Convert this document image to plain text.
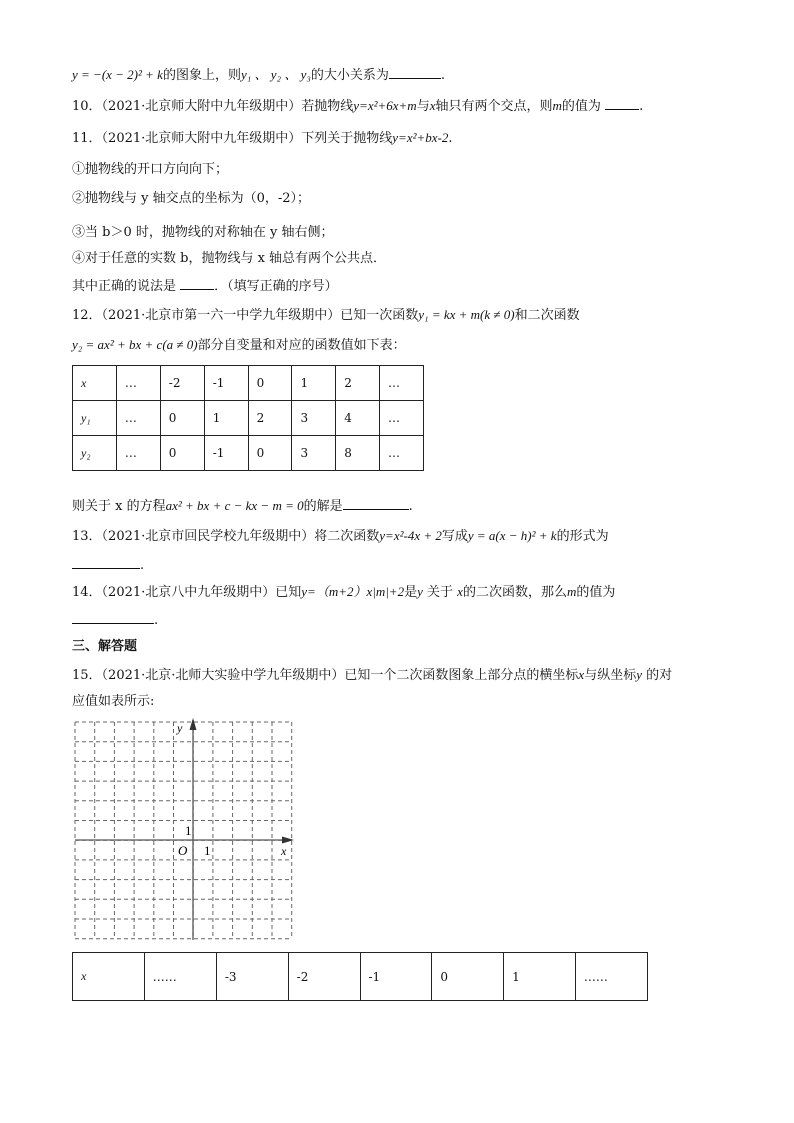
y = −(x − 2)² + k的图象上，则y₁ 、 y₂ 、 y₃的大小关系为	.
10．（2021·北京师大附中九年级期中）若抛物线y=x²+6x+m与x轴只有两个交点，则m的值为	.
11．（2021·北京师大附中九年级期中）下列关于抛物线y=x²+bx-2.
①抛物线的开口方向向下；
②抛物线与 y 轴交点的坐标为（0，-2）；
③当 b＞0 时，抛物线的对称轴在 y 轴右侧；
④对于任意的实数 b，抛物线与 x 轴总有两个公共点．
其中正确的说法是	．（填写正确的序号）
12．（2021·北京市第一六一中学九年级期中）已知一次函数y₁ = kx + m(k ≠ 0)和二次函数
y₂ = ax² + bx + c(a ≠ 0)部分自变量和对应的函数值如下表：
x	…	-2	-1	0	1	2	…
y₁	…	0	1	2	3	4	…
y₂	…	0	-1	0	3	8	…
则关于 x 的方程ax² + bx + c − kx − m = 0的解是	.
13．（2021·北京市回民学校九年级期中）将二次函数y=x²-4x + 2写成y = a(x − h)² + k的形式为
.
14．（2021·北京八中九年级期中）已知y=（m+2）x|m|+2是y 关于 x的二次函数，那么m的值为
.
三、解答题
15．（2021·北京·北师大实验中学九年级期中）已知一个二次函数图象上部分点的横坐标x与纵坐标y 的对
应值如表所示:
y
x
O 1
1
x	……	-3	-2	-1	0	1	……
